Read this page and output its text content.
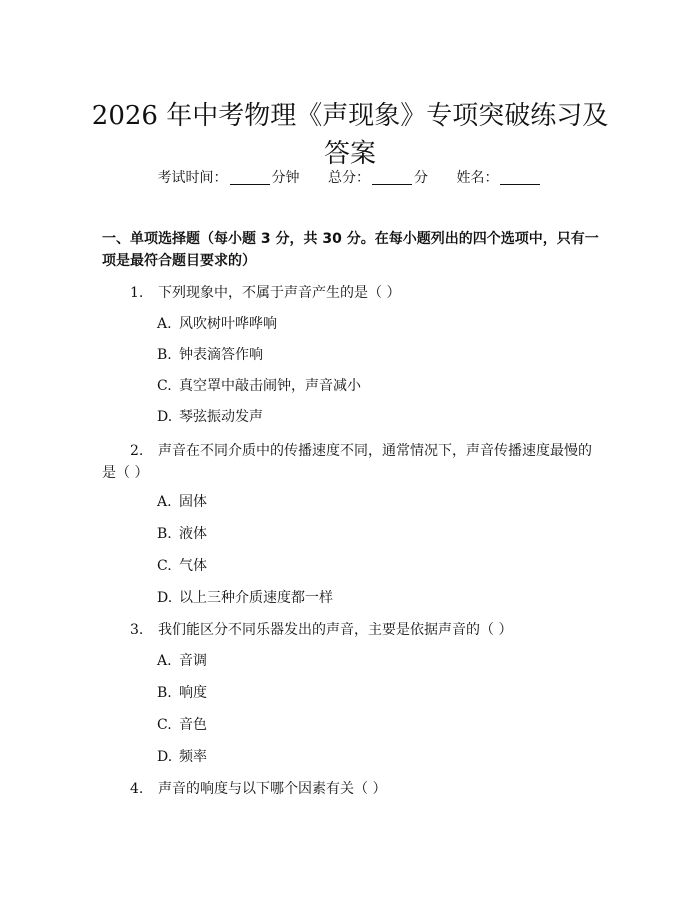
2026 年中考物理《声现象》专项突破练习及
答案
考试时间：	分钟 总分：	分 姓名：
一、单项选择题（每小题 3 分，共 30 分。在每小题列出的四个选项中，只有一项是最符合题目要求的）
1. 下列现象中，不属于声音产生的是（ ）
A. 风吹树叶哗哗响
B. 钟表滴答作响
C. 真空罩中敲击闹钟，声音减小
D. 琴弦振动发声
2. 声音在不同介质中的传播速度不同，通常情况下，声音传播速度最慢的是（ ）
A. 固体
B. 液体
C. 气体
D. 以上三种介质速度都一样
3. 我们能区分不同乐器发出的声音，主要是依据声音的（ ）
A. 音调
B. 响度
C. 音色
D. 频率
4. 声音的响度与以下哪个因素有关（ ）
